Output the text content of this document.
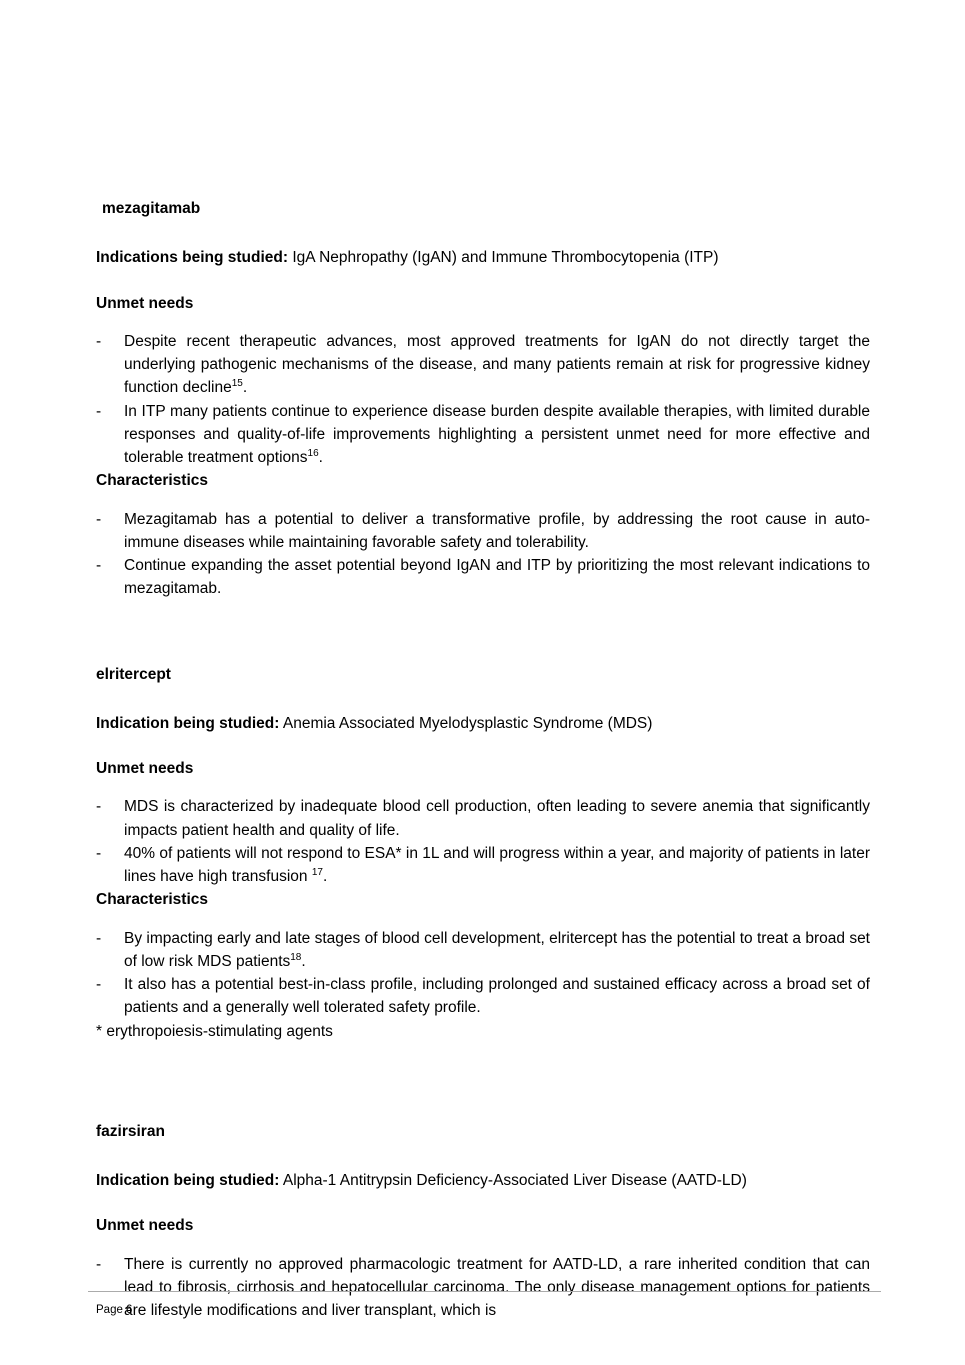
mezagitamab

Indications being studied: IgA Nephropathy (IgAN) and Immune Thrombocytopenia (ITP)

Unmet needs
-	Despite recent therapeutic advances, most approved treatments for IgAN do not directly target the underlying pathogenic mechanisms of the disease, and many patients remain at risk for progressive kidney function decline$^{15}$.

-	In ITP many patients continue to experience disease burden despite available therapies, with limited durable responses and quality-of-life improvements highlighting a persistent unmet need for more effective and tolerable treatment options$^{16}$.

Characteristics
-	Mezagitamab has a potential to deliver a transformative profile, by addressing the root cause in auto-immune diseases while maintaining favorable safety and tolerability.

-	Continue expanding the asset potential beyond IgAN and ITP by prioritizing the most relevant indications to mezagitamab.

elritercept

Indication being studied: Anemia Associated Myelodysplastic Syndrome (MDS)

Unmet needs
-	MDS is characterized by inadequate blood cell production, often leading to severe anemia that significantly impacts patient health and quality of life.

-	40% of patients will not respond to ESA* in 1L and will progress within a year, and majority of patients in later lines have high transfusion $^{17}$.

Characteristics
-	By impacting early and late stages of blood cell development, elritercept has the potential to treat a broad set of low risk MDS patients$^{18}$.

-	It also has a potential best-in-class profile, including prolonged and sustained efficacy across a broad set of patients and a generally well tolerated safety profile.

* erythropoiesis-stimulating agents

fazirsiran

Indication being studied: Alpha-1 Antitrypsin Deficiency-Associated Liver Disease (AATD-LD)

Unmet needs
-	There is currently no approved pharmacologic treatment for AATD-LD, a rare inherited condition that can lead to fibrosis, cirrhosis and hepatocellular carcinoma. The only disease management options for patients are lifestyle modifications and liver transplant, which is

Page 6
